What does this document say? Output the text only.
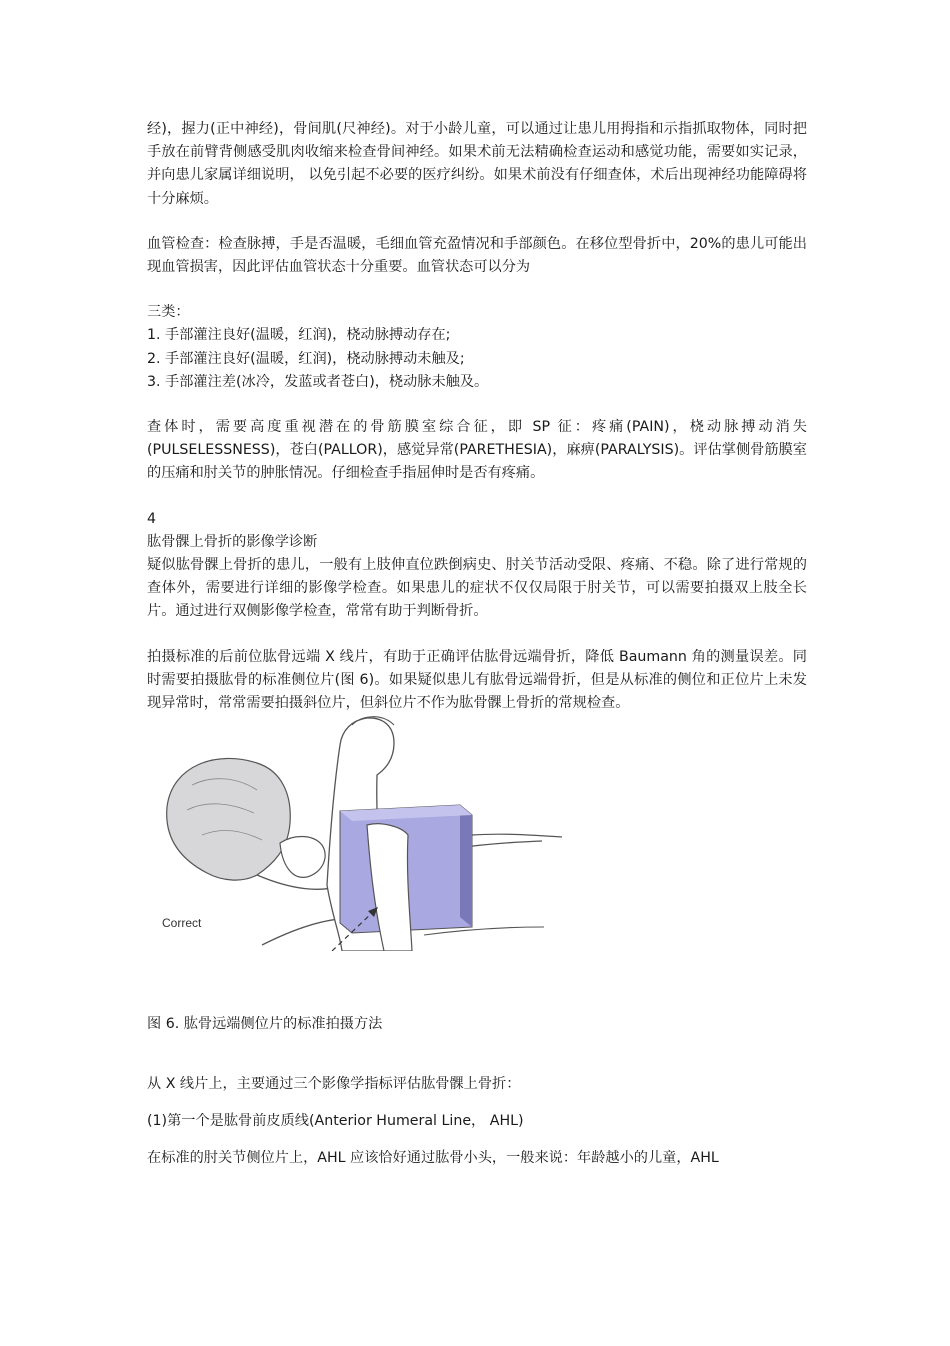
经)，握力(正中神经)，骨间肌(尺神经)。对于小龄儿童，可以通过让患儿用拇指和示指抓取物体，同时把手放在前臂背侧感受肌肉收缩来检查骨间神经。如果术前无法精确检查运动和感觉功能，需要如实记录，并向患儿家属详细说明， 以免引起不必要的医疗纠纷。如果术前没有仔细查体，术后出现神经功能障碍将十分麻烦。

血管检查：检查脉搏，手是否温暖，毛细血管充盈情况和手部颜色。在移位型骨折中，20%的患儿可能出现血管损害，因此评估血管状态十分重要。血管状态可以分为

三类：

1. 手部灌注良好(温暖，红润)，桡动脉搏动存在;

2. 手部灌注良好(温暖，红润)，桡动脉搏动未触及;

3. 手部灌注差(冰冷，发蓝或者苍白)，桡动脉未触及。

查体时，需要高度重视潜在的骨筋膜室综合征，即 SP 征：疼痛(PAIN)，桡动脉搏动消失(PULSELESSNESS)，苍白(PALLOR)，感觉异常(PARETHESIA)，麻痹(PARALYSIS)。评估掌侧骨筋膜室的压痛和肘关节的肿胀情况。仔细检查手指屈伸时是否有疼痛。

4

肱骨髁上骨折的影像学诊断

疑似肱骨髁上骨折的患儿，一般有上肢伸直位跌倒病史、肘关节活动受限、疼痛、不稳。除了进行常规的查体外，需要进行详细的影像学检查。如果患儿的症状不仅仅局限于肘关节，可以需要拍摄双上肢全长片。通过进行双侧影像学检查，常常有助于判断骨折。

拍摄标准的后前位肱骨远端 X 线片，有助于正确评估肱骨远端骨折，降低 Baumann 角的测量误差。同时需要拍摄肱骨的标准侧位片(图 6)。如果疑似患儿有肱骨远端骨折，但是从标准的侧位和正位片上未发现异常时，常常需要拍摄斜位片，但斜位片不作为肱骨髁上骨折的常规检查。

Correct

图 6. 肱骨远端侧位片的标准拍摄方法

从 X 线片上，主要通过三个影像学指标评估肱骨髁上骨折：

(1)第一个是肱骨前皮质线(Anterior Humeral Line， AHL)

在标准的肘关节侧位片上，AHL 应该恰好通过肱骨小头，一般来说：年龄越小的儿童，AHL
